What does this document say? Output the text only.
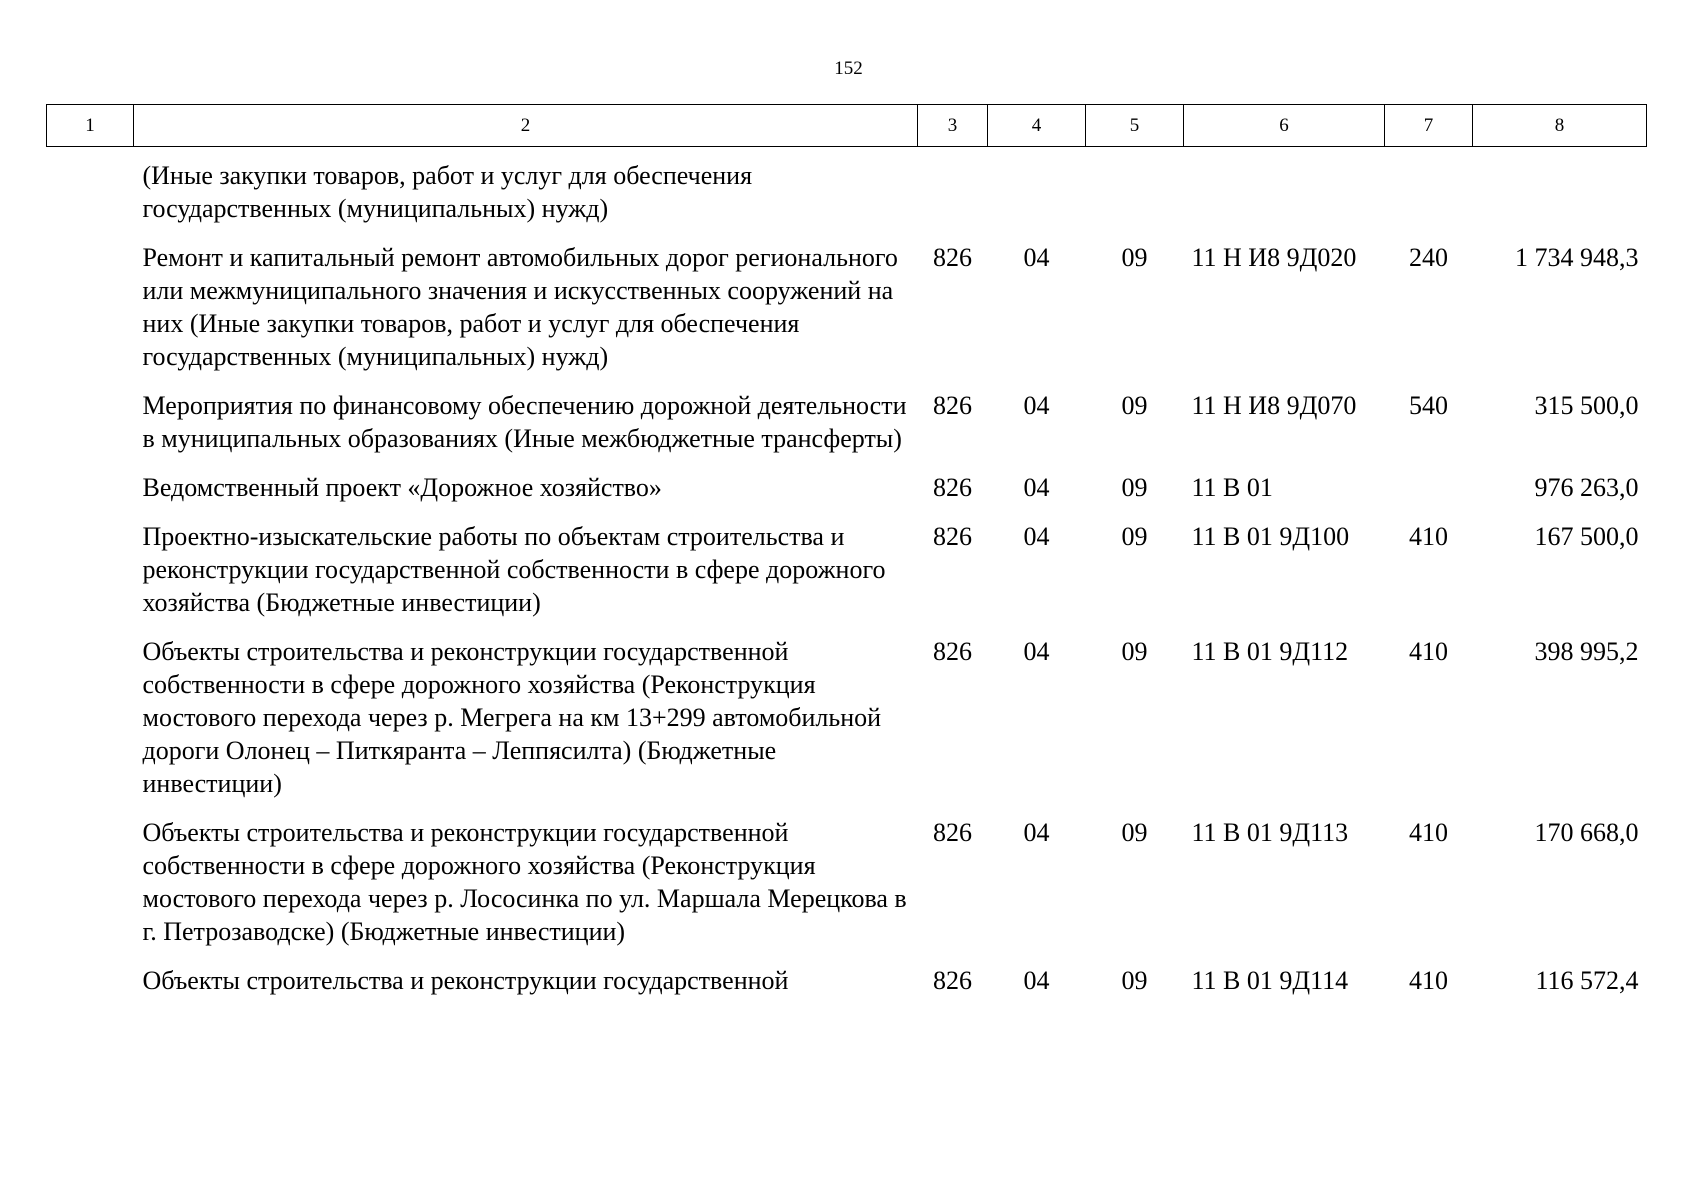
152
1	2	3	4	5	6	7	8
	(Иные закупки товаров, работ и услуг для обеспечения государственных (муниципальных) нужд)						
	Ремонт и капитальный ремонт автомобильных дорог регионального или межмуниципального значения и искусственных сооружений на них (Иные закупки товаров, работ и услуг для обеспечения государственных (муниципальных) нужд)	826	04	09	11 Н И8 9Д020	240	1 734 948,3
	Мероприятия по финансовому обеспечению дорожной деятельности в муниципальных образованиях (Иные межбюджетные трансферты)	826	04	09	11 Н И8 9Д070	540	315 500,0
	Ведомственный проект «Дорожное хозяйство»	826	04	09	11 В 01		976 263,0
	Проектно-изыскательские работы по объектам строительства и реконструкции государственной собственности в сфере дорожного хозяйства (Бюджетные инвестиции)	826	04	09	11 В 01 9Д100	410	167 500,0
	Объекты строительства и реконструкции государственной собственности в сфере дорожного хозяйства (Реконструкция мостового перехода через р. Мегрега на км 13+299 автомобильной дороги Олонец – Питкяранта – Леппясилта) (Бюджетные инвестиции)	826	04	09	11 В 01 9Д112	410	398 995,2
	Объекты строительства и реконструкции государственной собственности в сфере дорожного хозяйства (Реконструкция мостового перехода через р. Лососинка по ул. Маршала Мерецкова в г. Петрозаводске) (Бюджетные инвестиции)	826	04	09	11 В 01 9Д113	410	170 668,0
	Объекты строительства и реконструкции государственной	826	04	09	11 В 01 9Д114	410	116 572,4
